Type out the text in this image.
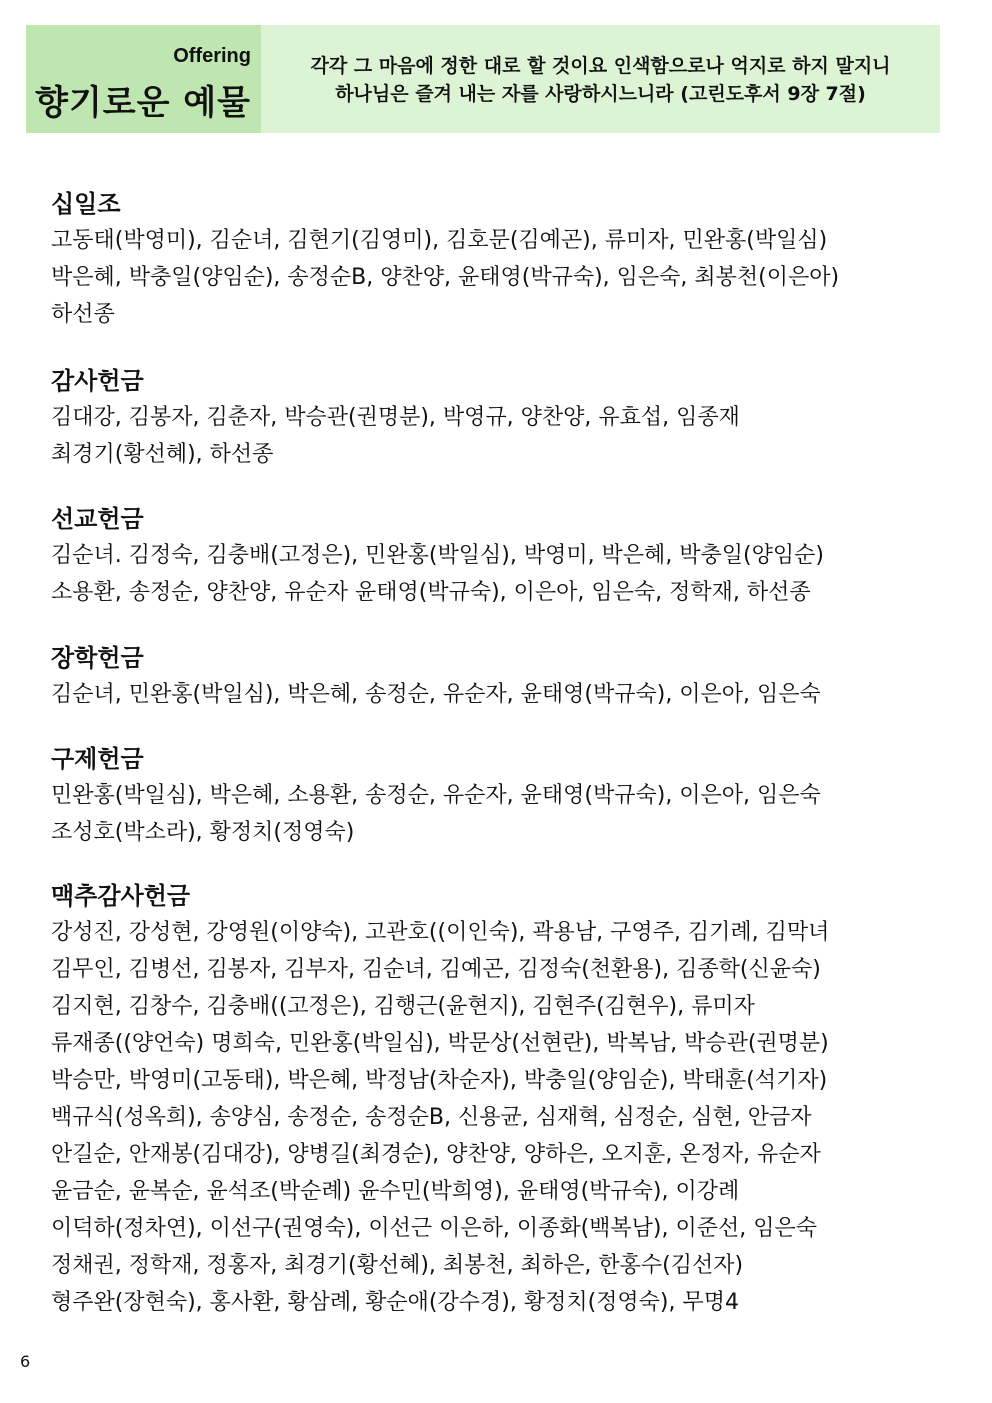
Offering
향기로운 예물
각각 그 마음에 정한 대로 할 것이요 인색함으로나 억지로 하지 말지니
하나님은 즐겨 내는 자를 사랑하시느니라 (고린도후서 9장 7절)
십일조
고동태(박영미), 김순녀, 김현기(김영미), 김호문(김예곤), 류미자, 민완홍(박일심)
박은혜, 박충일(양임순), 송정순B, 양찬양, 윤태영(박규숙), 임은숙, 최봉천(이은아)
하선종
감사헌금
김대강, 김봉자, 김춘자, 박승관(권명분), 박영규, 양찬양, 유효섭, 임종재
최경기(황선혜), 하선종
선교헌금
김순녀. 김정숙, 김충배(고정은), 민완홍(박일심), 박영미, 박은혜, 박충일(양임순)
소용환, 송정순, 양찬양, 유순자 윤태영(박규숙), 이은아, 임은숙, 정학재, 하선종
장학헌금
김순녀, 민완홍(박일심), 박은혜, 송정순, 유순자, 윤태영(박규숙), 이은아, 임은숙
구제헌금
민완홍(박일심), 박은혜, 소용환, 송정순, 유순자, 윤태영(박규숙), 이은아, 임은숙
조성호(박소라), 황정치(정영숙)
맥추감사헌금
강성진, 강성현, 강영원(이양숙), 고관호((이인숙), 곽용남, 구영주, 김기례, 김막녀
김무인, 김병선, 김봉자, 김부자, 김순녀, 김예곤, 김정숙(천환용), 김종학(신윤숙)
김지현, 김창수, 김충배((고정은), 김행근(윤현지), 김현주(김현우), 류미자
류재종((양언숙) 명희숙, 민완홍(박일심), 박문상(선현란), 박복남, 박승관(권명분)
박승만, 박영미(고동태), 박은혜, 박정남(차순자), 박충일(양임순), 박태훈(석기자)
백규식(성옥희), 송양심, 송정순, 송정순B, 신용균, 심재혁, 심정순, 심현, 안금자
안길순, 안재봉(김대강), 양병길(최경순), 양찬양, 양하은, 오지훈, 온정자, 유순자
윤금순, 윤복순, 윤석조(박순례) 윤수민(박희영), 윤태영(박규숙), 이강례
이덕하(정차연), 이선구(권영숙), 이선근 이은하, 이종화(백복남), 이준선, 임은숙
정채권, 정학재, 정홍자, 최경기(황선혜), 최봉천, 최하은, 한홍수(김선자)
형주완(장현숙), 홍사환, 황삼례, 황순애(강수경), 황정치(정영숙), 무명4
6
